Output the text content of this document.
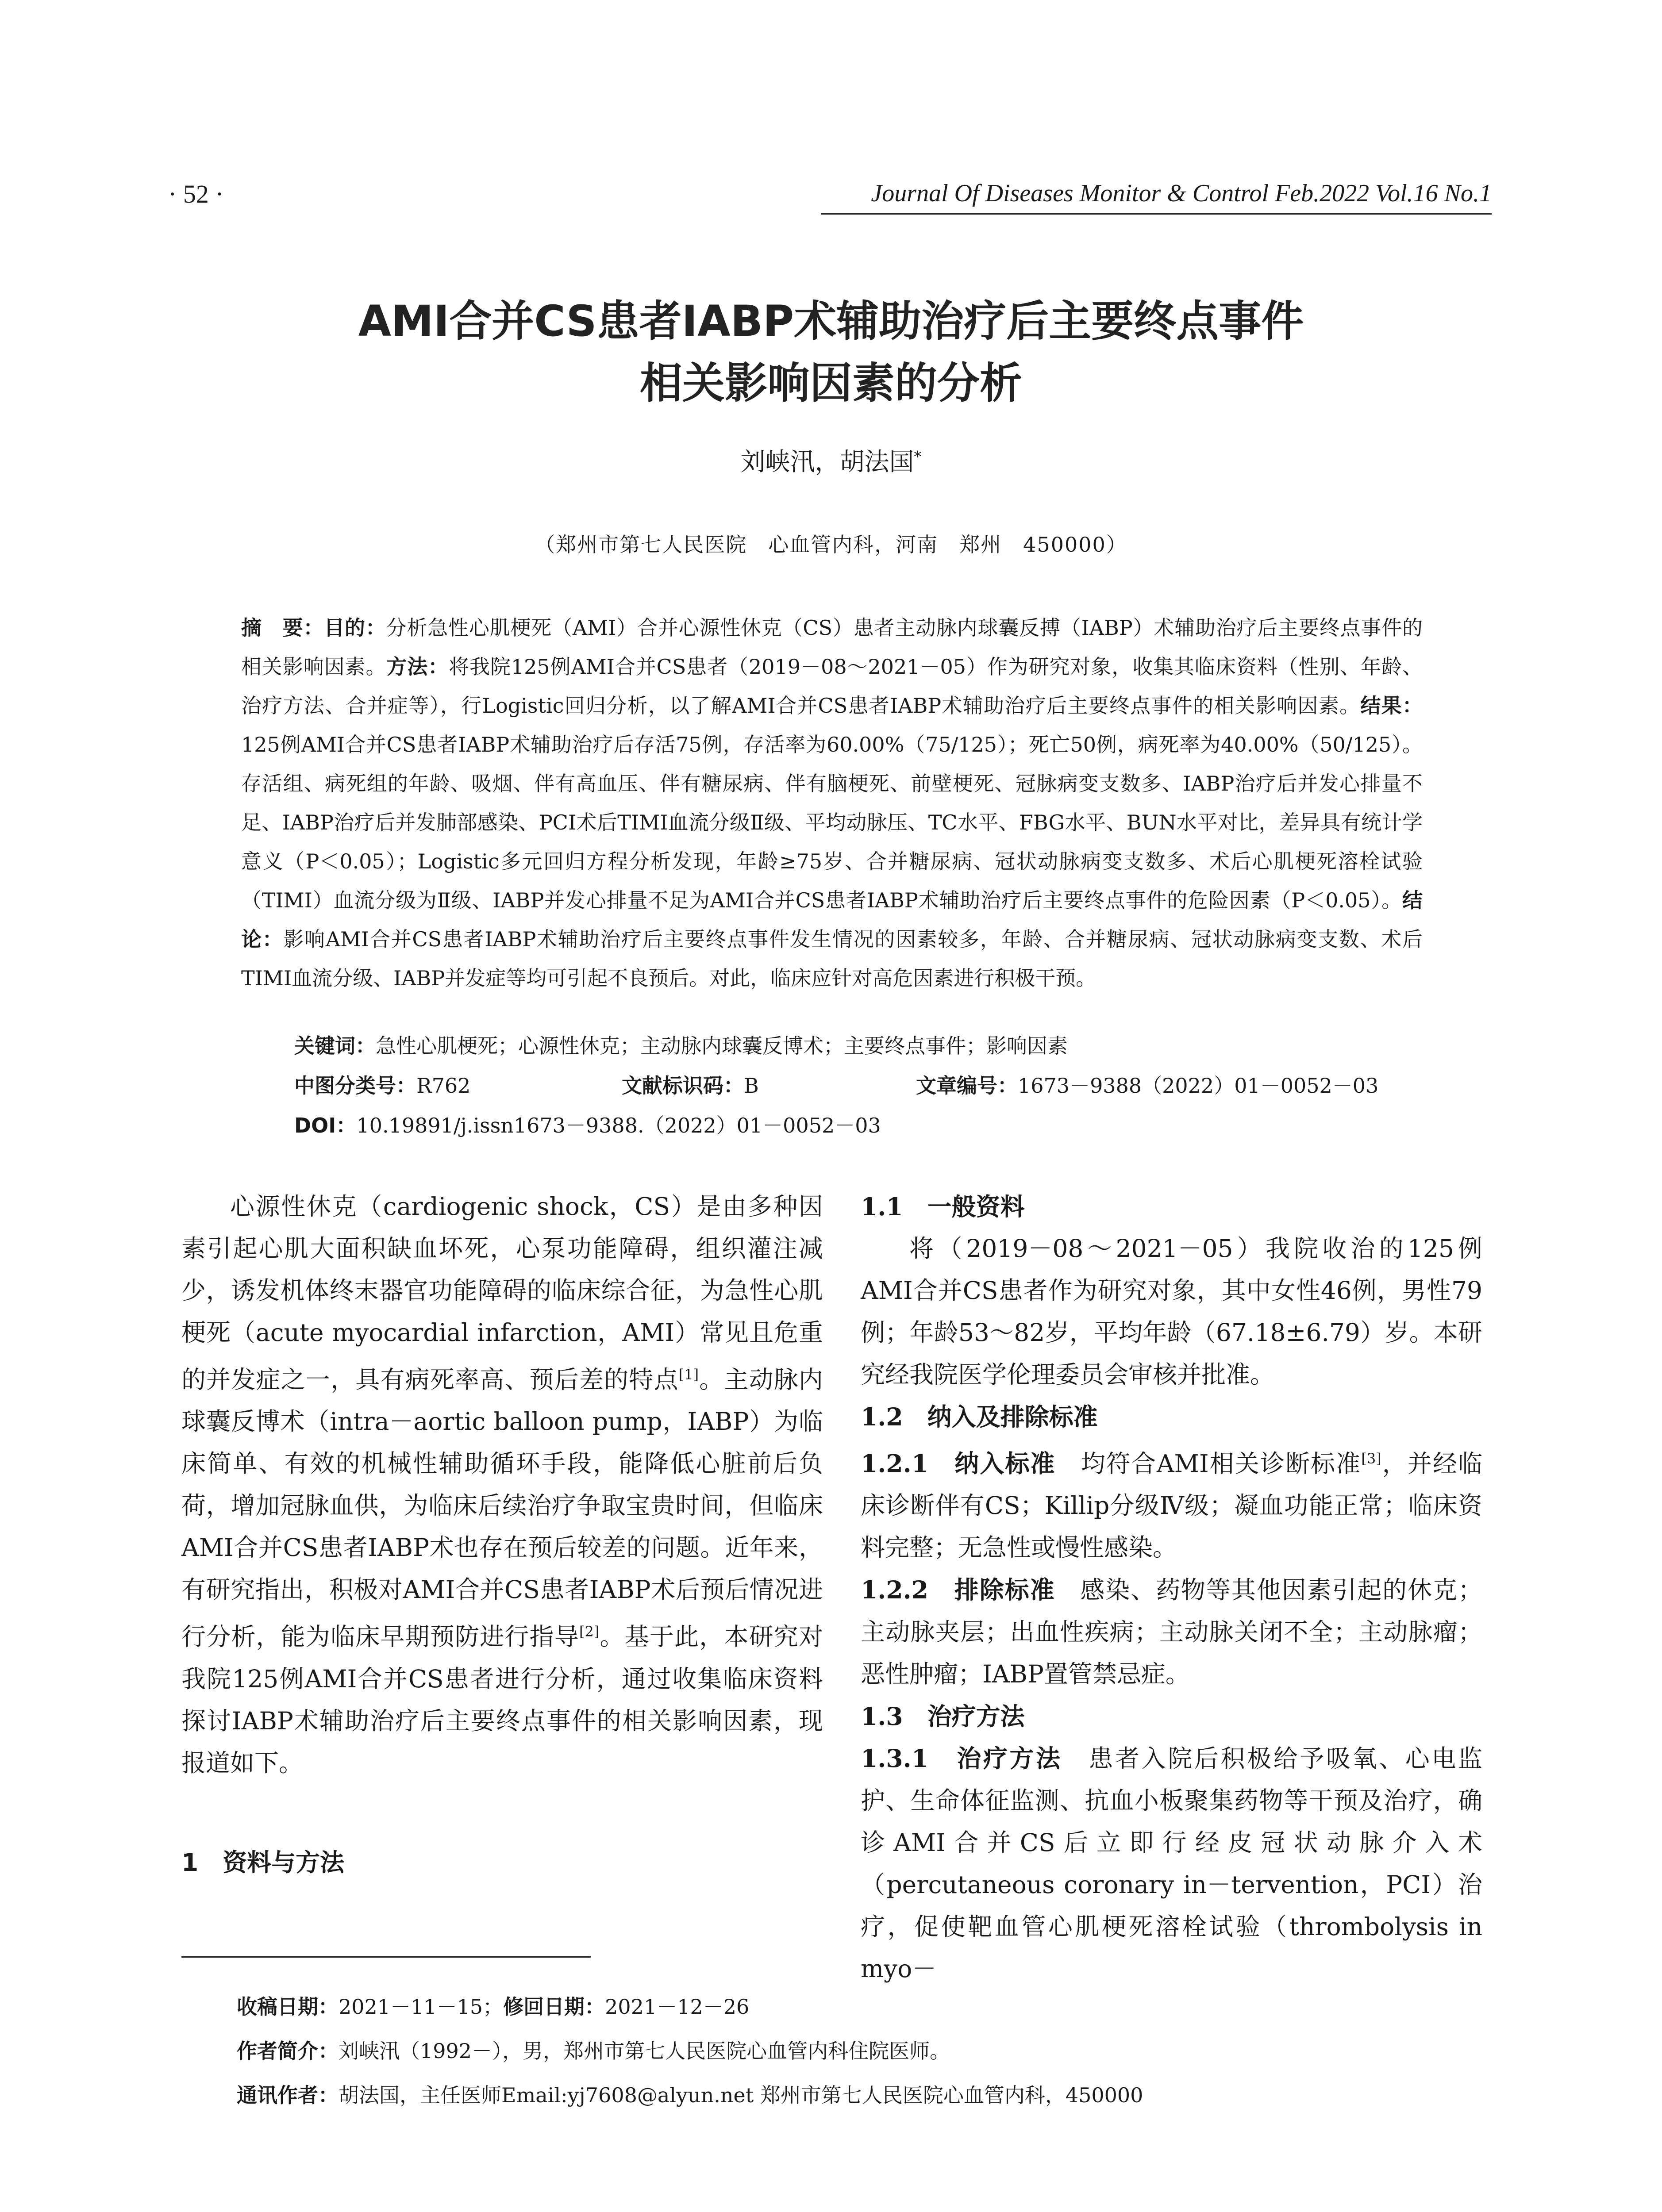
· 52 ·	Journal Of Diseases Monitor & Control Feb.2022 Vol.16 No.1
AMI合并CS患者IABP术辅助治疗后主要终点事件
相关影响因素的分析
刘峡汛，胡法国*
（郑州市第七人民医院　心血管内科，河南　郑州　450000）
摘　要：目的：分析急性心肌梗死（AMI）合并心源性休克（CS）患者主动脉内球囊反搏（IABP）术辅助治疗后主要终点事件的相关影响因素。方法：将我院125例AMI合并CS患者（2019－08～2021－05）作为研究对象，收集其临床资料（性别、年龄、治疗方法、合并症等），行Logistic回归分析，以了解AMI合并CS患者IABP术辅助治疗后主要终点事件的相关影响因素。结果：125例AMI合并CS患者IABP术辅助治疗后存活75例，存活率为60.00%（75/125）；死亡50例，病死率为40.00%（50/125）。存活组、病死组的年龄、吸烟、伴有高血压、伴有糖尿病、伴有脑梗死、前壁梗死、冠脉病变支数多、IABP治疗后并发心排量不足、IABP治疗后并发肺部感染、PCI术后TIMI血流分级Ⅱ级、平均动脉压、TC水平、FBG水平、BUN水平对比，差异具有统计学意义（P＜0.05）；Logistic多元回归方程分析发现，年龄≥75岁、合并糖尿病、冠状动脉病变支数多、术后心肌梗死溶栓试验（TIMI）血流分级为Ⅱ级、IABP并发心排量不足为AMI合并CS患者IABP术辅助治疗后主要终点事件的危险因素（P＜0.05）。结论：影响AMI合并CS患者IABP术辅助治疗后主要终点事件发生情况的因素较多，年龄、合并糖尿病、冠状动脉病变支数、术后TIMI血流分级、IABP并发症等均可引起不良预后。对此，临床应针对高危因素进行积极干预。
关键词：急性心肌梗死；心源性休克；主动脉内球囊反博术；主要终点事件；影响因素
中图分类号：R762	文献标识码：B	文章编号：1673－9388（2022）01－0052－03
DOI：10.19891/j.issn1673－9388.（2022）01－0052－03

心源性休克（cardiogenic shock，CS）是由多种因素引起心肌大面积缺血坏死，心泵功能障碍，组织灌注减少，诱发机体终末器官功能障碍的临床综合征，为急性心肌梗死（acute myocardial infarction，AMI）常见且危重的并发症之一，具有病死率高、预后差的特点[1]。主动脉内球囊反博术（intra－aortic balloon pump，IABP）为临床简单、有效的机械性辅助循环手段，能降低心脏前后负荷，增加冠脉血供，为临床后续治疗争取宝贵时间，但临床AMI合并CS患者IABP术也存在预后较差的问题。近年来，有研究指出，积极对AMI合并CS患者IABP术后预后情况进行分析，能为临床早期预防进行指导[2]。基于此，本研究对我院125例AMI合并CS患者进行分析，通过收集临床资料探讨IABP术辅助治疗后主要终点事件的相关影响因素，现报道如下。

1　资料与方法
1.1　一般资料

将（2019－08～2021－05）我院收治的125例AMI合并CS患者作为研究对象，其中女性46例，男性79例；年龄53～82岁，平均年龄（67.18±6.79）岁。本研究经我院医学伦理委员会审核并批准。

1.2　纳入及排除标准
1.2.1　纳入标准　均符合AMI相关诊断标准[3]，并经临床诊断伴有CS；Killip分级Ⅳ级；凝血功能正常；临床资料完整；无急性或慢性感染。
1.2.2　排除标准　感染、药物等其他因素引起的休克；主动脉夹层；出血性疾病；主动脉关闭不全；主动脉瘤；恶性肿瘤；IABP置管禁忌症。
1.3　治疗方法
1.3.1　治疗方法　患者入院后积极给予吸氧、心电监护、生命体征监测、抗血小板聚集药物等干预及治疗，确诊AMI合并CS后立即行经皮冠状动脉介入术（percutaneous coronary in－tervention，PCI）治疗，促使靶血管心肌梗死溶栓试验（thrombolysis in myo－
收稿日期：2021－11－15；修回日期：2021－12－26
作者简介：刘峡汛（1992－），男，郑州市第七人民医院心血管内科住院医师。
通讯作者：胡法国，主任医师Email:yj7608@alyun.net 郑州市第七人民医院心血管内科，450000
